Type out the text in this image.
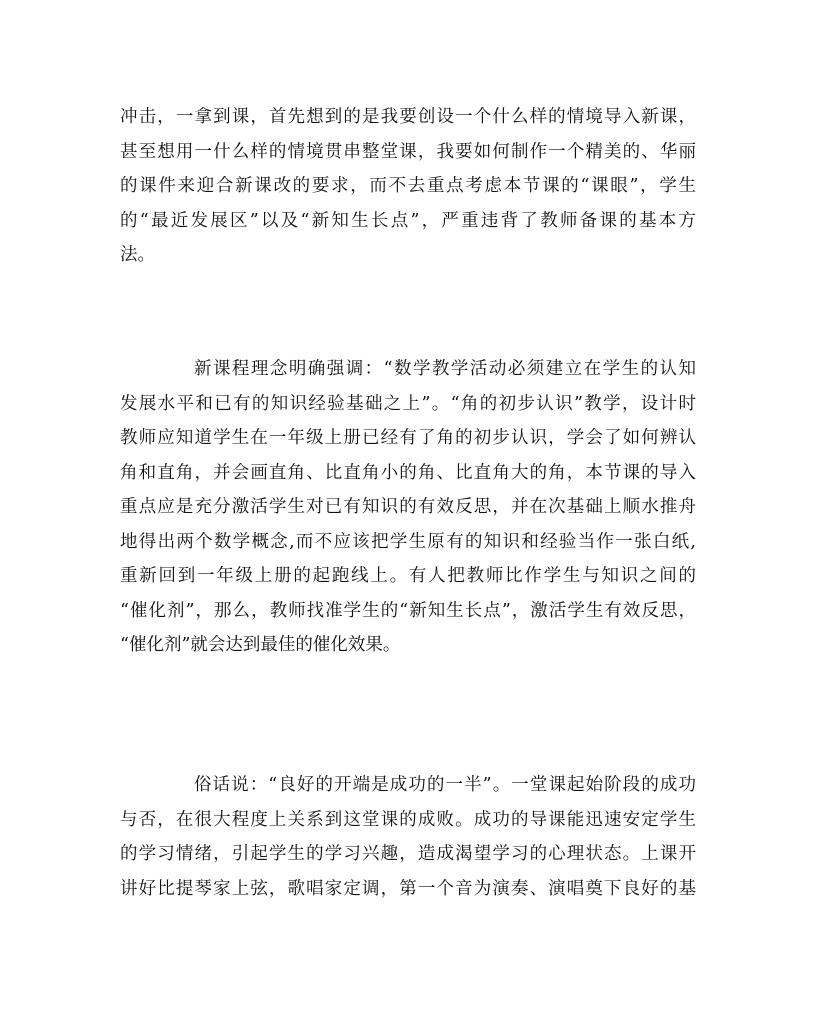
冲击，一拿到课，首先想到的是我要创设一个什么样的情境导入新课，
甚至想用一什么样的情境贯串整堂课，我要如何制作一个精美的、华丽
的课件来迎合新课改的要求，而不去重点考虑本节课的“课眼”，学生
的“最近发展区”以及“新知生长点”，严重违背了教师备课的基本方
法。
新课程理念明确强调：“数学教学活动必须建立在学生的认知
发展水平和已有的知识经验基础之上”。“角的初步认识”教学，设计时
教师应知道学生在一年级上册已经有了角的初步认识，学会了如何辨认
角和直角，并会画直角、比直角小的角、比直角大的角，本节课的导入
重点应是充分激活学生对已有知识的有效反思，并在次基础上顺水推舟
地得出两个数学概念,而不应该把学生原有的知识和经验当作一张白纸,
重新回到一年级上册的起跑线上。有人把教师比作学生与知识之间的
“催化剂”，那么，教师找准学生的“新知生长点”，激活学生有效反思，
“催化剂”就会达到最佳的催化效果。
俗话说：“良好的开端是成功的一半”。一堂课起始阶段的成功
与否，在很大程度上关系到这堂课的成败。成功的导课能迅速安定学生
的学习情绪，引起学生的学习兴趣，造成渴望学习的心理状态。上课开
讲好比提琴家上弦，歌唱家定调，第一个音为演奏、演唱奠下良好的基
